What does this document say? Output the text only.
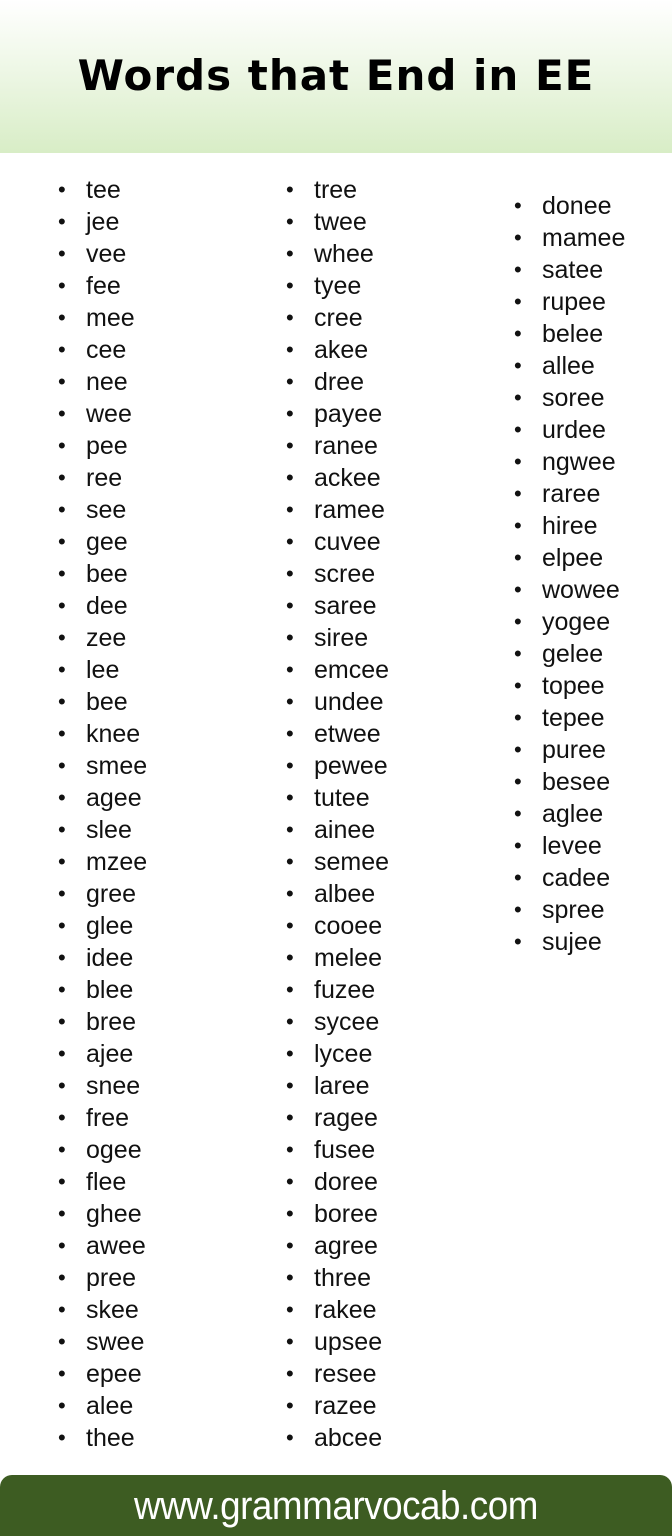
Words that End in EE
• tee
• jee
• vee
• fee
• mee
• cee
• nee
• wee
• pee
• ree
• see
• gee
• bee
• dee
• zee
• lee
• bee
• knee
• smee
• agee
• slee
• mzee
• gree
• glee
• idee
• blee
• bree
• ajee
• snee
• free
• ogee
• flee
• ghee
• awee
• pree
• skee
• swee
• epee
• alee
• thee
• tree
• twee
• whee
• tyee
• cree
• akee
• dree
• payee
• ranee
• ackee
• ramee
• cuvee
• scree
• saree
• siree
• emcee
• undee
• etwee
• pewee
• tutee
• ainee
• semee
• albee
• cooee
• melee
• fuzee
• sycee
• lycee
• laree
• ragee
• fusee
• doree
• boree
• agree
• three
• rakee
• upsee
• resee
• razee
• abcee
• donee
• mamee
• satee
• rupee
• belee
• allee
• soree
• urdee
• ngwee
• raree
• hiree
• elpee
• wowee
• yogee
• gelee
• topee
• tepee
• puree
• besee
• aglee
• levee
• cadee
• spree
• sujee
www.grammarvocab.com
